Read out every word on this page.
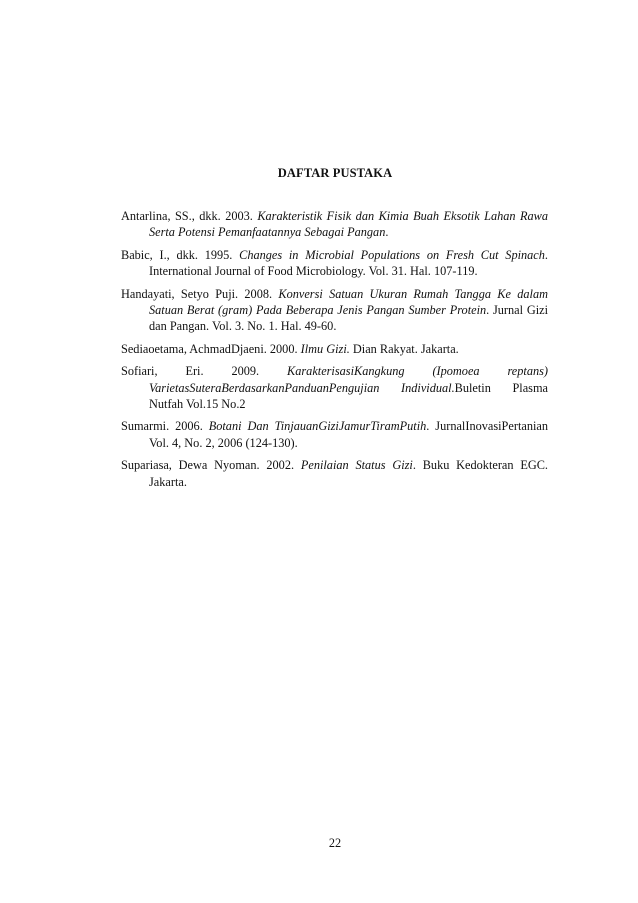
DAFTAR PUSTAKA
Antarlina, SS., dkk. 2003. Karakteristik Fisik dan Kimia Buah Eksotik Lahan Rawa Serta Potensi Pemanfaatannya Sebagai Pangan.
Babic, I., dkk. 1995. Changes in Microbial Populations on Fresh Cut Spinach. International Journal of Food Microbiology. Vol. 31. Hal. 107-119.
Handayati, Setyo Puji. 2008. Konversi Satuan Ukuran Rumah Tangga Ke dalam Satuan Berat (gram) Pada Beberapa Jenis Pangan Sumber Protein. Jurnal Gizi dan Pangan. Vol. 3. No. 1. Hal. 49-60.
Sediaoetama, AchmadDjaeni. 2000. Ilmu Gizi. Dian Rakyat. Jakarta.
Sofiari, Eri. 2009. KarakterisasiKangkung (Ipomoea reptans) VarietasSuteraBerdasarkanPanduanPengujian Individual.Buletin Plasma Nutfah Vol.15 No.2
Sumarmi. 2006. Botani Dan TinjauanGiziJamurTiramPutih. JurnalInovasiPertanian Vol. 4, No. 2, 2006 (124-130).
Supariasa, Dewa Nyoman. 2002. Penilaian Status Gizi. Buku Kedokteran EGC. Jakarta.

22
